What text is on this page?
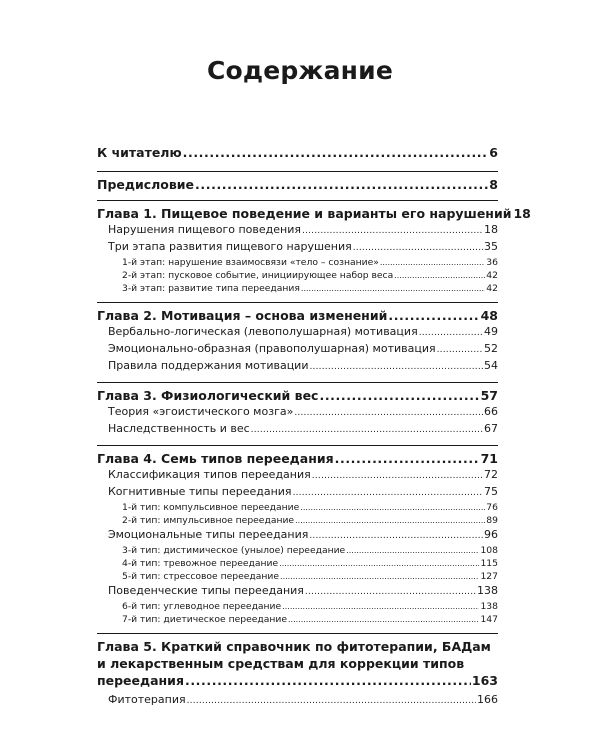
Содержание
К читателю .....	6
Предисловие .....	8
Глава 1. Пищевое поведение и варианты его нарушений 18
Нарушения пищевого поведения .....	18
Три этапа развития пищевого нарушения .....	35
1-й этап: нарушение взаимосвязи «тело – сознание» .....	36
2-й этап: пусковое событие, инициирующее набор веса .....	42
3-й этап: развитие типа переедания .....	42
Глава 2. Мотивация – основа изменений .....	48
Вербально-логическая (левополушарная) мотивация .....	49
Эмоционально-образная (правополушарная) мотивация .....	52
Правила поддержания мотивации .....	54
Глава 3. Физиологический вес .....	57
Теория «эгоистического мозга» .....	66
Наследственность и вес .....	67
Глава 4. Семь типов переедания .....	71
Классификация типов переедания .....	72
Когнитивные типы переедания .....	75
1-й тип: компульсивное переедание .....	76
2-й тип: импульсивное переедание .....	89
Эмоциональные типы переедания .....	96
3-й тип: дистимическое (унылое) переедание .....	108
4-й тип: тревожное переедание .....	115
5-й тип: стрессовое переедание .....	127
Поведенческие типы переедания .....	138
6-й тип: углеводное переедание .....	138
7-й тип: диетическое переедание .....	147
Глава 5. Краткий справочник по фитотерапии, БАДам
и лекарственным средствам для коррекции типов
переедания .....	163
Фитотерапия .....	166
